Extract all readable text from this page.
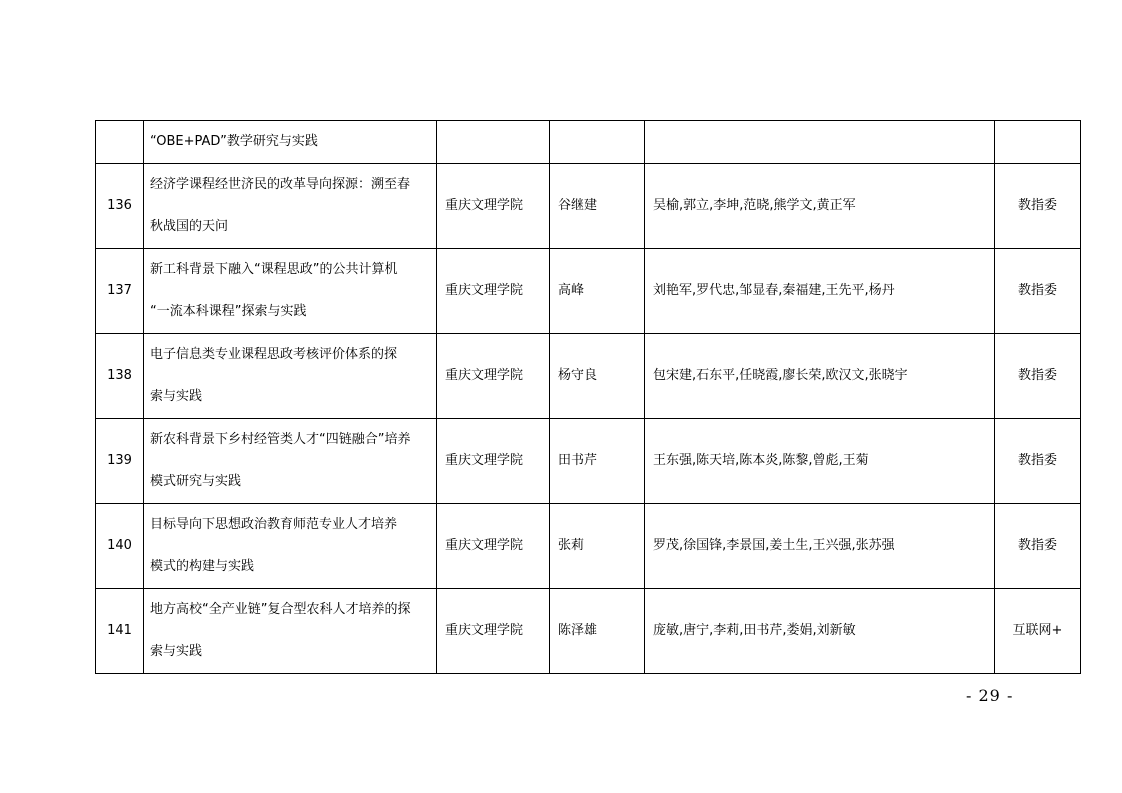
	“OBE+PAD”教学研究与实践				
136	经济学课程经世济民的改革导向探源：溯至春
秋战国的天问	重庆文理学院	谷继建	吴榆,郭立,李坤,范晓,熊学文,黄正军	教指委
137	新工科背景下融入“课程思政”的公共计算机
“一流本科课程”探索与实践	重庆文理学院	高峰	刘艳军,罗代忠,邹显春,秦福建,王先平,杨丹	教指委
138	电子信息类专业课程思政考核评价体系的探
索与实践	重庆文理学院	杨守良	包宋建,石东平,任晓霞,廖长荣,欧汉文,张晓宇	教指委
139	新农科背景下乡村经管类人才“四链融合”培养
模式研究与实践	重庆文理学院	田书芹	王东强,陈天培,陈本炎,陈黎,曾彪,王菊	教指委
140	目标导向下思想政治教育师范专业人才培养
模式的构建与实践	重庆文理学院	张莉	罗茂,徐国锋,李景国,姜土生,王兴强,张苏强	教指委
141	地方高校“全产业链”复合型农科人才培养的探
索与实践	重庆文理学院	陈泽雄	庞敏,唐宁,李莉,田书芹,娄娟,刘新敏	互联网+
- 29 -
